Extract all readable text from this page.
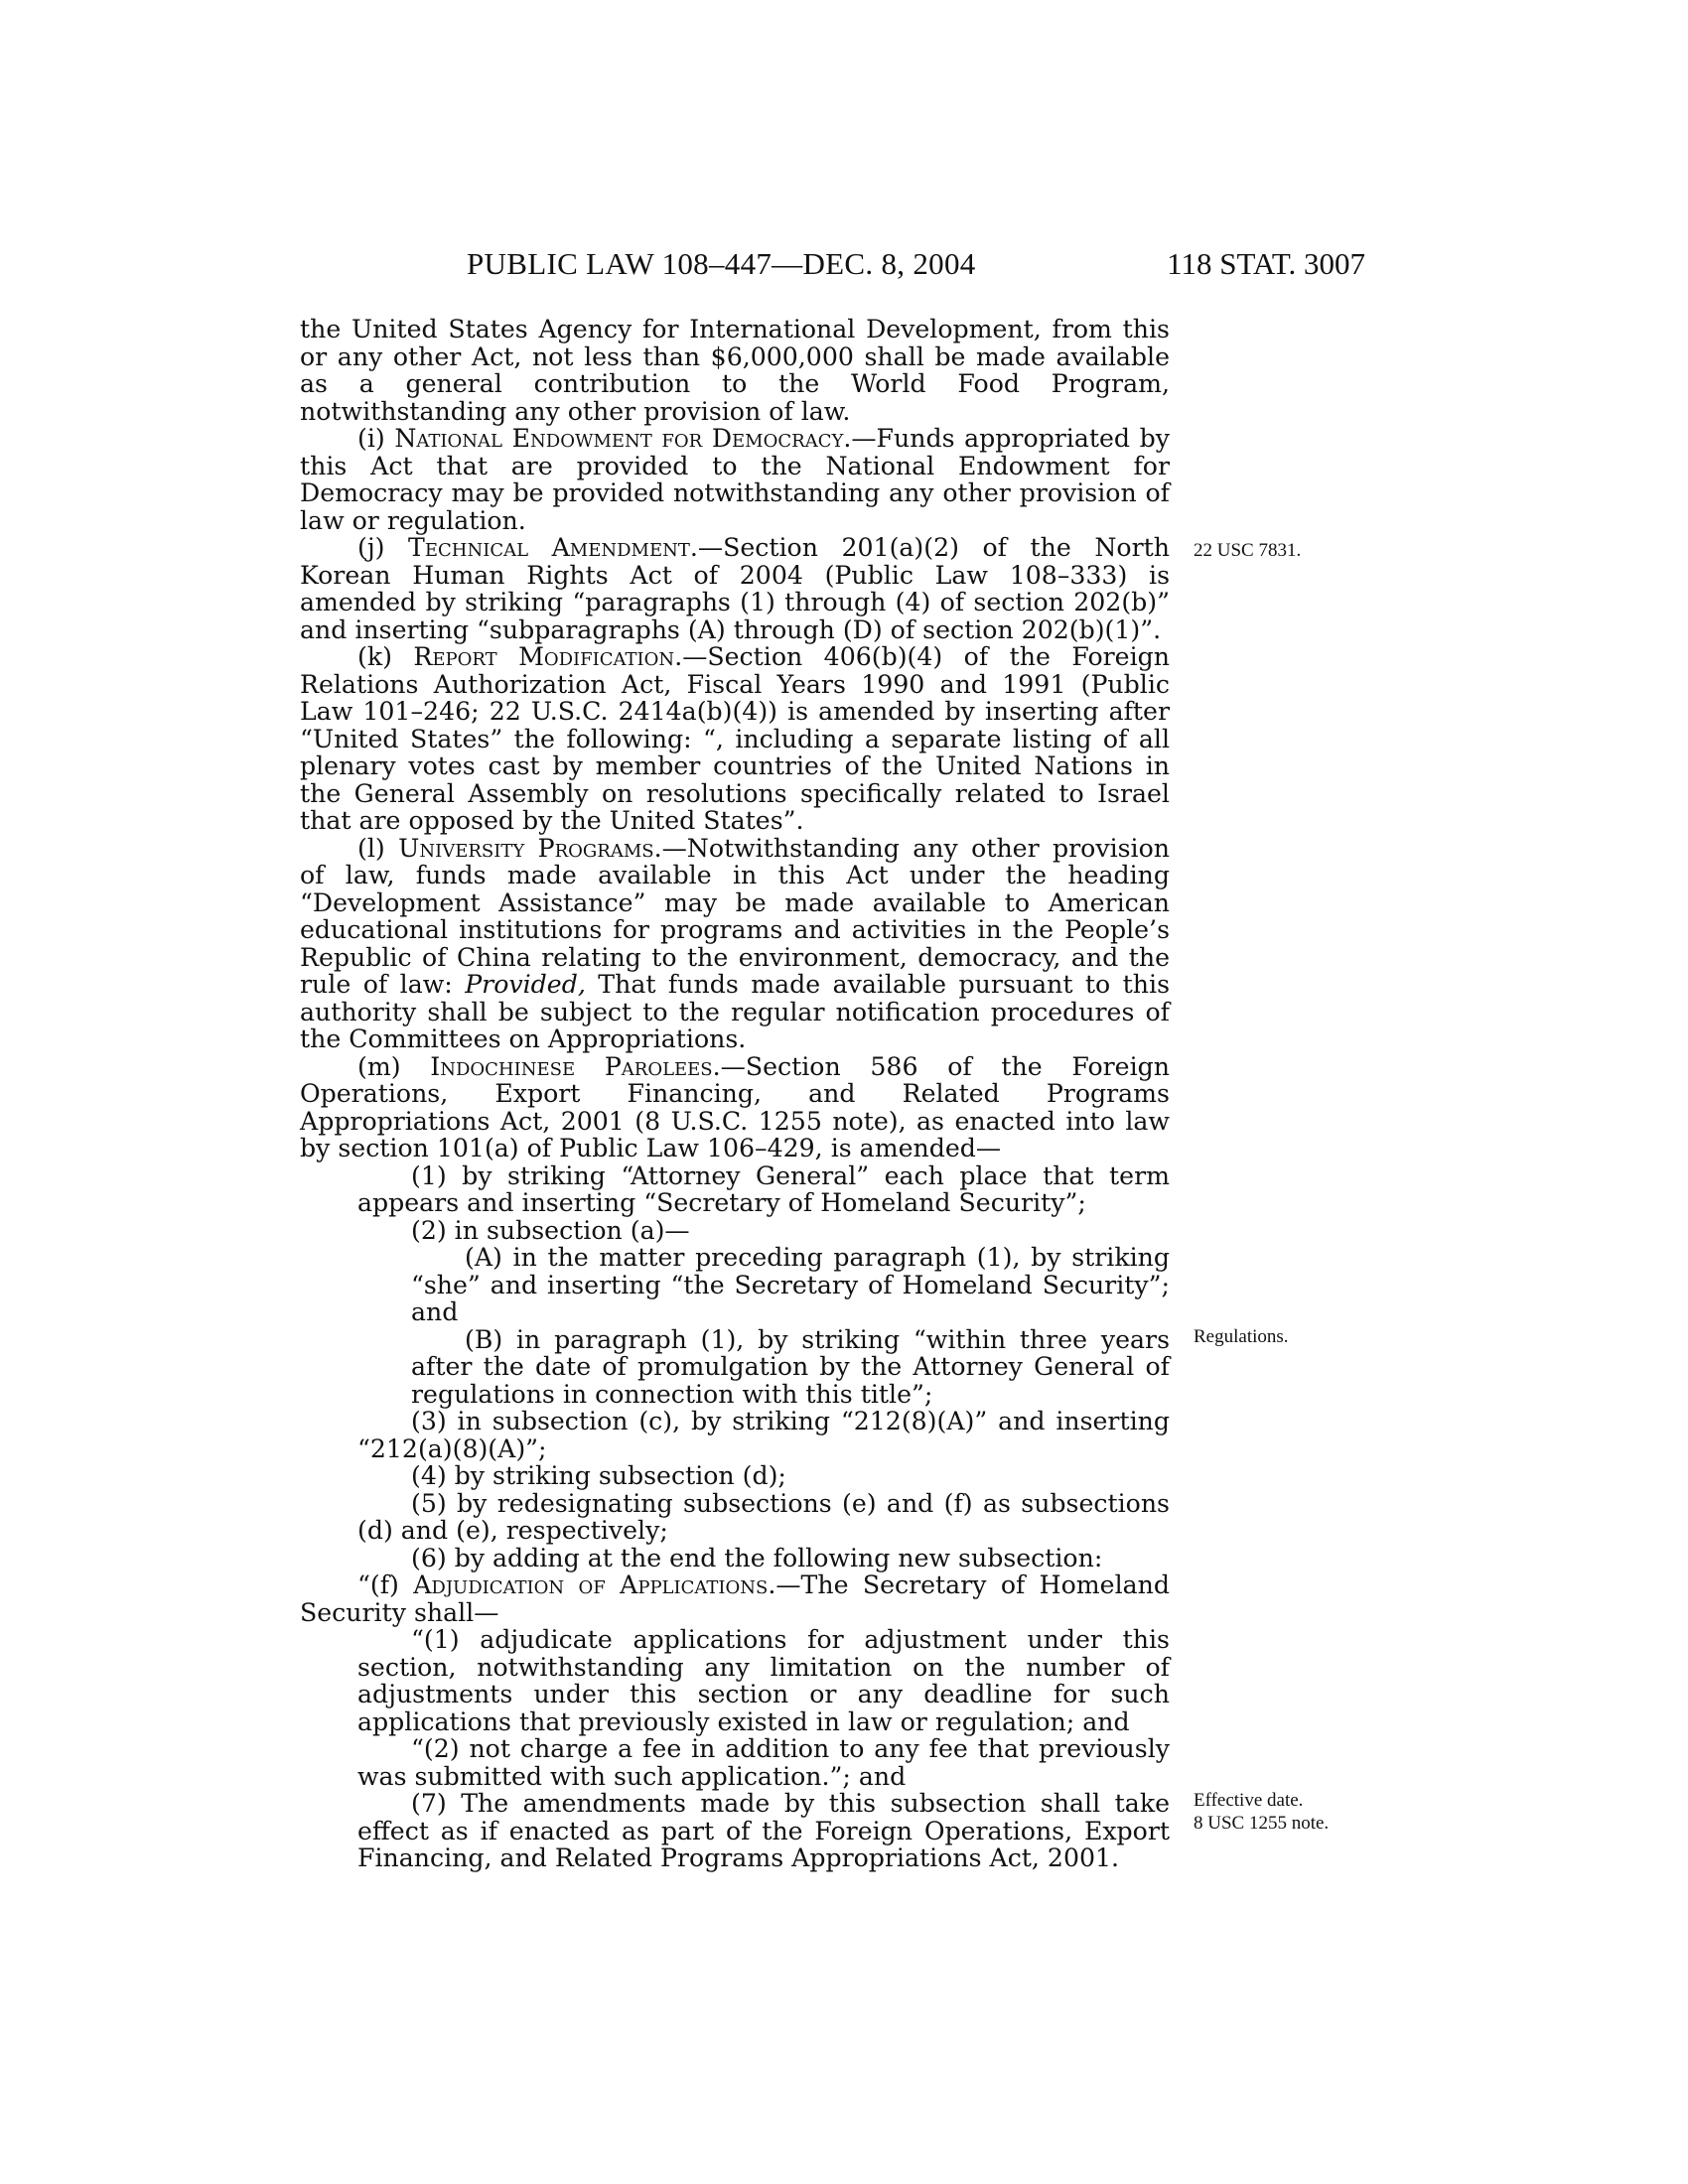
PUBLIC LAW 108–447—DEC. 8, 2004	118 STAT. 3007

the United States Agency for International Development, from this or any other Act, not less than $6,000,000 shall be made available as a general contribution to the World Food Program, notwithstanding any other provision of law.

(i) National Endowment for Democracy.—Funds appropriated by this Act that are provided to the National Endowment for Democracy may be provided notwithstanding any other provision of law or regulation.

(j) Technical Amendment.—Section 201(a)(2) of the North Korean Human Rights Act of 2004 (Public Law 108–333) is amended by striking “paragraphs (1) through (4) of section 202(b)” and inserting “subparagraphs (A) through (D) of section 202(b)(1)”.

(k) Report Modification.—Section 406(b)(4) of the Foreign Relations Authorization Act, Fiscal Years 1990 and 1991 (Public Law 101–246; 22 U.S.C. 2414a(b)(4)) is amended by inserting after “United States” the following: “, including a separate listing of all plenary votes cast by member countries of the United Nations in the General Assembly on resolutions specifically related to Israel that are opposed by the United States”.

(l) University Programs.—Notwithstanding any other provision of law, funds made available in this Act under the heading “Development Assistance” may be made available to American educational institutions for programs and activities in the People’s Republic of China relating to the environment, democracy, and the rule of law: Provided, That funds made available pursuant to this authority shall be subject to the regular notification procedures of the Committees on Appropriations.

(m) Indochinese Parolees.—Section 586 of the Foreign Operations, Export Financing, and Related Programs Appropriations Act, 2001 (8 U.S.C. 1255 note), as enacted into law by section 101(a) of Public Law 106–429, is amended—

(1) by striking “Attorney General” each place that term appears and inserting “Secretary of Homeland Security”;

(2) in subsection (a)—

(A) in the matter preceding paragraph (1), by striking “she” and inserting “the Secretary of Homeland Security”; and

(B) in paragraph (1), by striking “within three years after the date of promulgation by the Attorney General of regulations in connection with this title”;

(3) in subsection (c), by striking “212(8)(A)” and inserting “212(a)(8)(A)”;

(4) by striking subsection (d);

(5) by redesignating subsections (e) and (f) as subsections (d) and (e), respectively;

(6) by adding at the end the following new subsection:

“(f) Adjudication of Applications.—The Secretary of Homeland Security shall—

“(1) adjudicate applications for adjustment under this section, notwithstanding any limitation on the number of adjustments under this section or any deadline for such applications that previously existed in law or regulation; and

“(2) not charge a fee in addition to any fee that previously was submitted with such application.”; and

(7) The amendments made by this subsection shall take effect as if enacted as part of the Foreign Operations, Export Financing, and Related Programs Appropriations Act, 2001.

22 USC 7831.
Regulations.
Effective date.
8 USC 1255 note.
